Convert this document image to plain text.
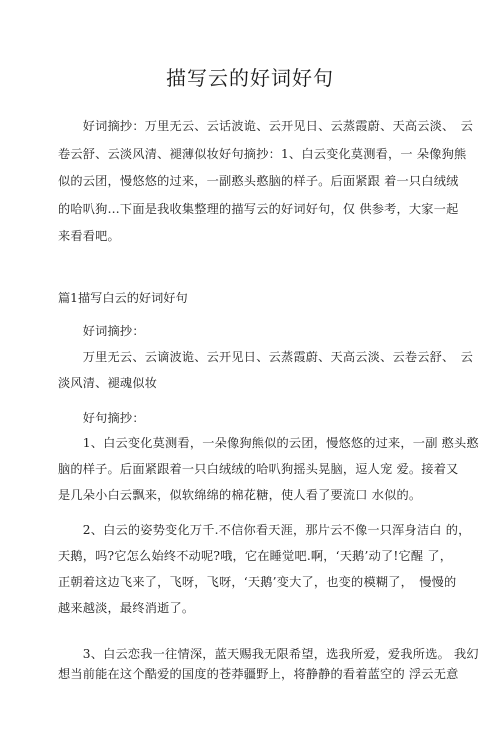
描写云的好词好句
　　好词摘抄：万里无云、云话波诡、云开见日、云蒸霞蔚、天高云淡、　云
卷云舒、云淡风清、褪薄似妆好句摘抄：1、白云变化莫测看，一 朵像狗熊
似的云团，慢悠悠的过来，一副憨头憨脑的样子。后面紧跟 着一只白绒绒
的哈叭狗…下面是我收集整理的描写云的好词好句，仅 供参考，大家一起
来看看吧。
篇1描写白云的好词好句
　　好词摘抄：
　　万里无云、云谪波诡、云开见日、云蒸霞蔚、天高云淡、云卷云舒、　云
淡风清、褪魂似妆
　　好句摘抄：
　　1、白云变化莫测看，一朵像狗熊似的云团，慢悠悠的过来，一副 憨头憨
脑的样子。后面紧跟着一只白绒绒的哈叭狗摇头晃脑，逗人宠 爱。接着又
是几朵小白云飘来，似软绵绵的棉花糖，使人看了要流口 水似的。
　　2、白云的姿势变化万千.不信你看天涯，那片云不像一只浑身洁白 的，
天鹅，吗?它怎么始终不动呢?哦，它在睡觉吧.啊，‘天鹅’动了!它醒 了，
正朝着这边飞来了，飞呀，飞呀，‘天鹅’变大了，也变的模糊了，　慢慢的
越来越淡，最终消逝了。
　　3、白云恋我一往情深，蓝天赐我无限希望，选我所爱，爱我所选。 我幻
想当前能在这个酷爱的国度的苍莽疆野上，将静静的看着蓝空的 浮云无意
